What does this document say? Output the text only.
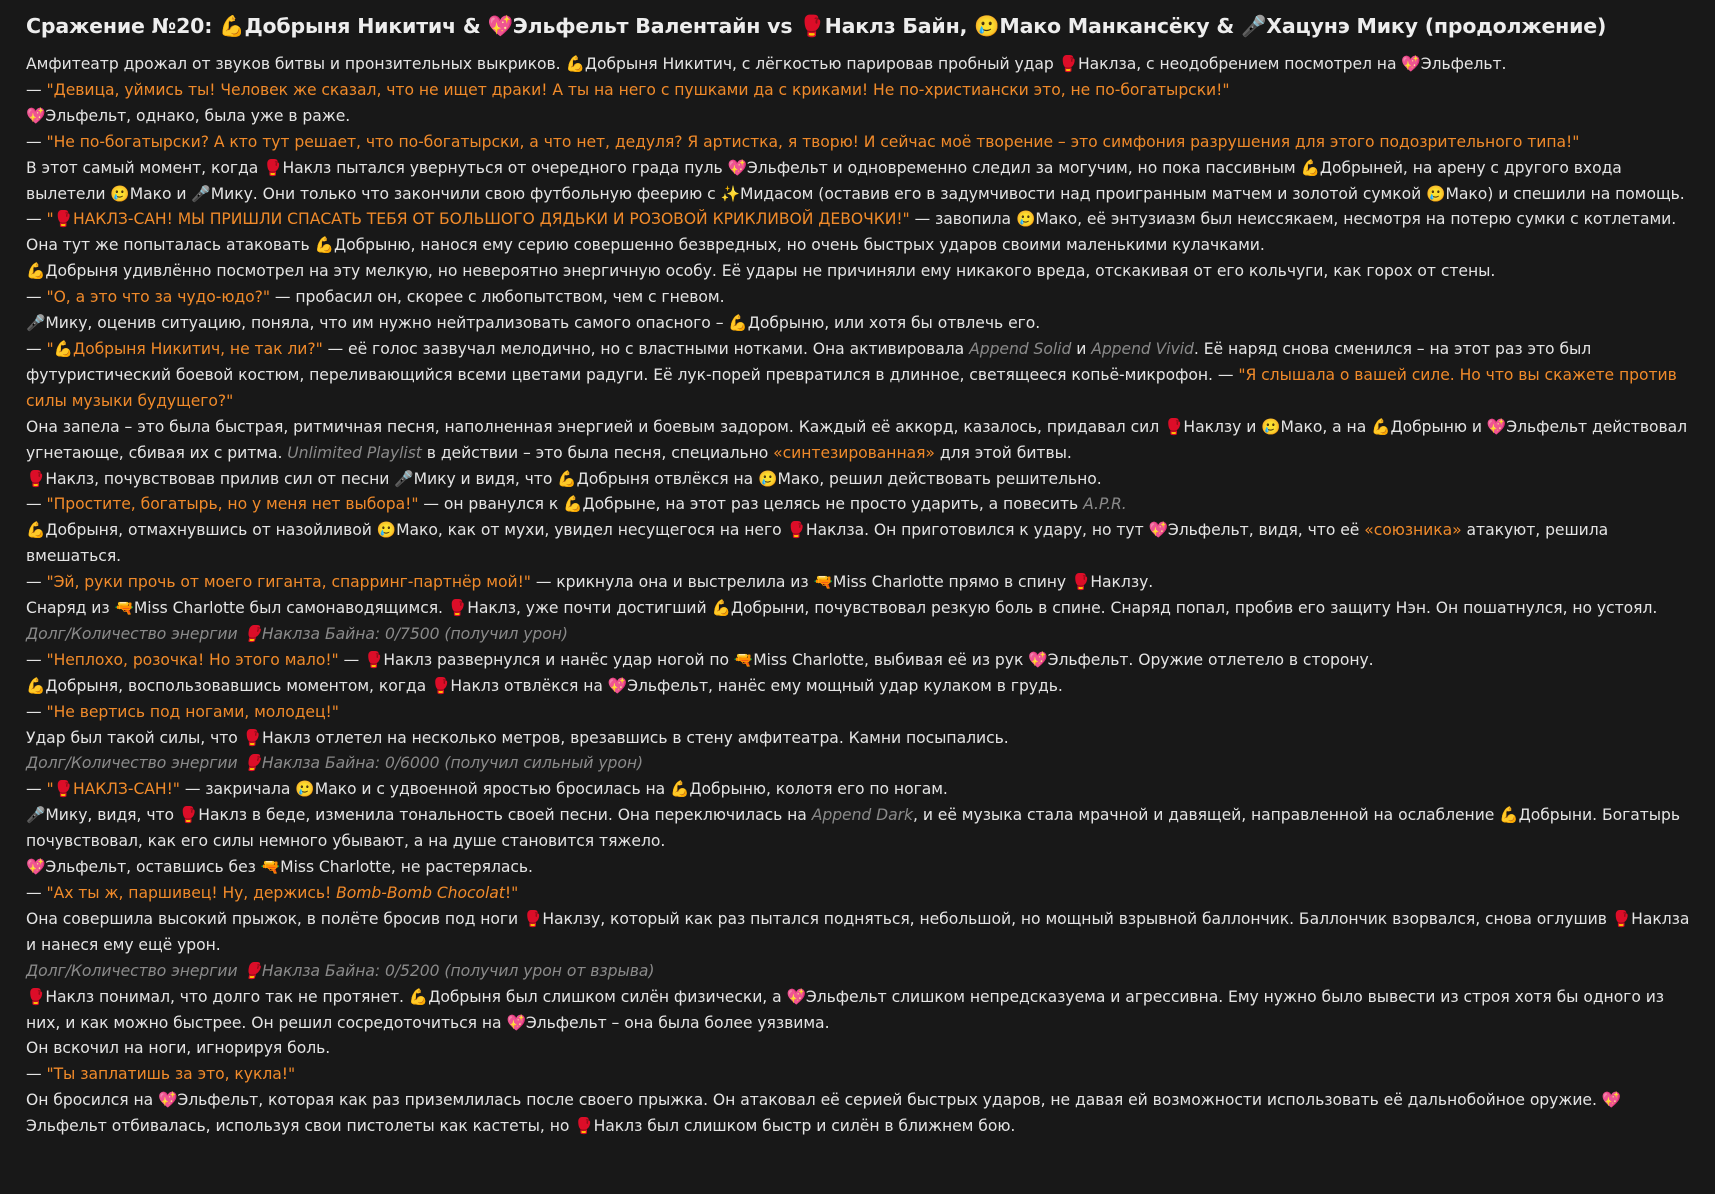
Сражение №20: 💪Добрыня Никитич & 💖Эльфельт Валентайн vs 🥊Наклз Байн, 🥲Мако Манкансёку & 🎤Хацунэ Мику (продолжение)
Амфитеатр дрожал от звуков битвы и пронзительных выкриков. 💪Добрыня Никитич, с лёгкостью парировав пробный удар 🥊Наклза, с неодобрением посмотрел на 💖Эльфельт.
— "Девица, уймись ты! Человек же сказал, что не ищет драки! А ты на него с пушками да с криками! Не по-христиански это, не по-богатырски!"
💖Эльфельт, однако, была уже в раже.
— "Не по-богатырски? А кто тут решает, что по-богатырски, а что нет, дедуля? Я артистка, я творю! И сейчас моё творение – это симфония разрушения для этого подозрительного типа!"
В этот самый момент, когда 🥊Наклз пытался увернуться от очередного града пуль 💖Эльфельт и одновременно следил за могучим, но пока пассивным 💪Добрыней, на арену с другого входа вылетели 🥲Мако и 🎤Мику. Они только что закончили свою футбольную феерию с ✨Мидасом (оставив его в задумчивости над проигранным матчем и золотой сумкой 🥲Мако) и спешили на помощь.
— "🥊НАКЛЗ-САН! МЫ ПРИШЛИ СПАСАТЬ ТЕБЯ ОТ БОЛЬШОГО ДЯДЬКИ И РОЗОВОЙ КРИКЛИВОЙ ДЕВОЧКИ!" — завопила 🥲Мако, её энтузиазм был неиссякаем, несмотря на потерю сумки с котлетами. Она тут же попыталась атаковать 💪Добрыню, нанося ему серию совершенно безвредных, но очень быстрых ударов своими маленькими кулачками.
💪Добрыня удивлённо посмотрел на эту мелкую, но невероятно энергичную особу. Её удары не причиняли ему никакого вреда, отскакивая от его кольчуги, как горох от стены.
— "О, а это что за чудо-юдо?" — пробасил он, скорее с любопытством, чем с гневом.
🎤Мику, оценив ситуацию, поняла, что им нужно нейтрализовать самого опасного – 💪Добрыню, или хотя бы отвлечь его.
— "💪Добрыня Никитич, не так ли?" — её голос зазвучал мелодично, но с властными нотками. Она активировала Append Solid и Append Vivid. Её наряд снова сменился – на этот раз это был футуристический боевой костюм, переливающийся всеми цветами радуги. Её лук-порей превратился в длинное, светящееся копьё-микрофон. — "Я слышала о вашей силе. Но что вы скажете против силы музыки будущего?"
Она запела – это была быстрая, ритмичная песня, наполненная энергией и боевым задором. Каждый её аккорд, казалось, придавал сил 🥊Наклзу и 🥲Мако, а на 💪Добрыню и 💖Эльфельт действовал угнетающе, сбивая их с ритма. Unlimited Playlist в действии – это была песня, специально «синтезированная» для этой битвы.
🥊Наклз, почувствовав прилив сил от песни 🎤Мику и видя, что 💪Добрыня отвлёкся на 🥲Мако, решил действовать решительно.
— "Простите, богатырь, но у меня нет выбора!" — он рванулся к 💪Добрыне, на этот раз целясь не просто ударить, а повесить A.P.R.
💪Добрыня, отмахнувшись от назойливой 🥲Мако, как от мухи, увидел несущегося на него 🥊Наклза. Он приготовился к удару, но тут 💖Эльфельт, видя, что её «союзника» атакуют, решила вмешаться.
— "Эй, руки прочь от моего гиганта, спарринг-партнёр мой!" — крикнула она и выстрелила из 🔫Miss Charlotte прямо в спину 🥊Наклзу.
Снаряд из 🔫Miss Charlotte был самонаводящимся. 🥊Наклз, уже почти достигший 💪Добрыни, почувствовал резкую боль в спине. Снаряд попал, пробив его защиту Нэн. Он пошатнулся, но устоял.
Долг/Количество энергии 🥊Наклза Байна: 0/7500 (получил урон)
— "Неплохо, розочка! Но этого мало!" — 🥊Наклз развернулся и нанёс удар ногой по 🔫Miss Charlotte, выбивая её из рук 💖Эльфельт. Оружие отлетело в сторону.
💪Добрыня, воспользовавшись моментом, когда 🥊Наклз отвлёкся на 💖Эльфельт, нанёс ему мощный удар кулаком в грудь.
— "Не вертись под ногами, молодец!"
Удар был такой силы, что 🥊Наклз отлетел на несколько метров, врезавшись в стену амфитеатра. Камни посыпались.
Долг/Количество энергии 🥊Наклза Байна: 0/6000 (получил сильный урон)
— "🥊НАКЛЗ-САН!" — закричала 🥲Мако и с удвоенной яростью бросилась на 💪Добрыню, колотя его по ногам.
🎤Мику, видя, что 🥊Наклз в беде, изменила тональность своей песни. Она переключилась на Append Dark, и её музыка стала мрачной и давящей, направленной на ослабление 💪Добрыни. Богатырь почувствовал, как его силы немного убывают, а на душе становится тяжело.
💖Эльфельт, оставшись без 🔫Miss Charlotte, не растерялась.
— "Ах ты ж, паршивец! Ну, держись! Bomb-Bomb Chocolat!"
Она совершила высокий прыжок, в полёте бросив под ноги 🥊Наклзу, который как раз пытался подняться, небольшой, но мощный взрывной баллончик. Баллончик взорвался, снова оглушив 🥊Наклза и нанеся ему ещё урон.
Долг/Количество энергии 🥊Наклза Байна: 0/5200 (получил урон от взрыва)
🥊Наклз понимал, что долго так не протянет. 💪Добрыня был слишком силён физически, а 💖Эльфельт слишком непредсказуема и агрессивна. Ему нужно было вывести из строя хотя бы одного из них, и как можно быстрее. Он решил сосредоточиться на 💖Эльфельт – она была более уязвима.
Он вскочил на ноги, игнорируя боль.
— "Ты заплатишь за это, кукла!"
Он бросился на 💖Эльфельт, которая как раз приземлилась после своего прыжка. Он атаковал её серией быстрых ударов, не давая ей возможности использовать её дальнобойное оружие. 💖Эльфельт отбивалась, используя свои пистолеты как кастеты, но 🥊Наклз был слишком быстр и силён в ближнем бою.
